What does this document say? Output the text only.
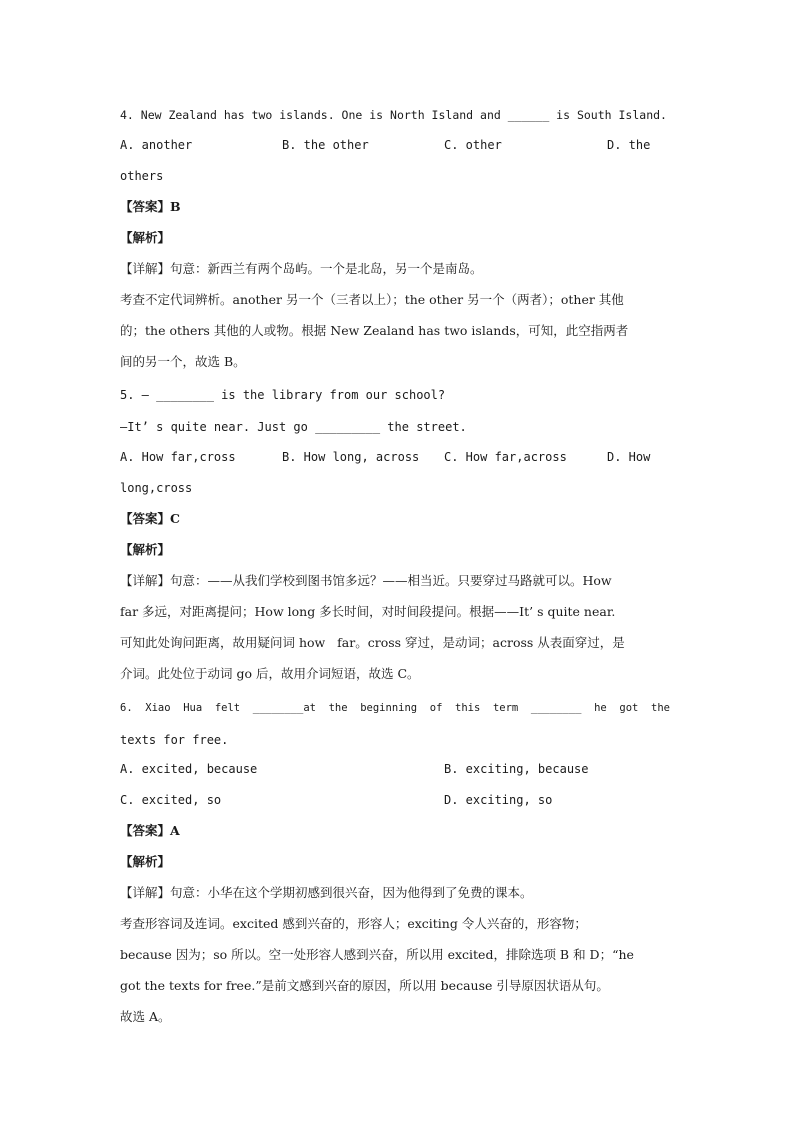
4. New Zealand has two islands. One is North Island and ______ is South Island.
A. another	B. the other	C. other	D. the
others
【答案】B
【解析】
【详解】句意：新西兰有两个岛屿。一个是北岛，另一个是南岛。
考查不定代词辨析。another 另一个（三者以上）；the other 另一个（两者）；other 其他
的；the others 其他的人或物。根据 New Zealand has two islands，可知，此空指两者
间的另一个，故选 B。
5. — ________ is the library from our school?
—It’ s quite near. Just go _________ the street.
A. How far,cross	B. How long, across C. How far,across	D. How
long,cross
【答案】C
【解析】
【详解】句意：——从我们学校到图书馆多远？——相当近。只要穿过马路就可以。How
far 多远，对距离提问；How long 多长时间，对时间段提问。根据——It’ s quite near.
可知此处询问距离，故用疑问词 how   far。cross 穿过，是动词；across 从表面穿过，是
介词。此处位于动词 go 后，故用介词短语，故选 C。
6.  Xiao  Hua  felt  ________at  the  beginning  of  this  term  ________  he  got  the
texts for free.
A. excited, because	B. exciting, because
C. excited, so	D. exciting, so
【答案】A
【解析】
【详解】句意：小华在这个学期初感到很兴奋，因为他得到了免费的课本。
考查形容词及连词。excited 感到兴奋的，形容人；exciting 令人兴奋的，形容物；
because 因为；so 所以。空一处形容人感到兴奋，所以用 excited，排除选项 B 和 D；“he
got the texts for free.”是前文感到兴奋的原因，所以用 because 引导原因状语从句。
故选 A。
